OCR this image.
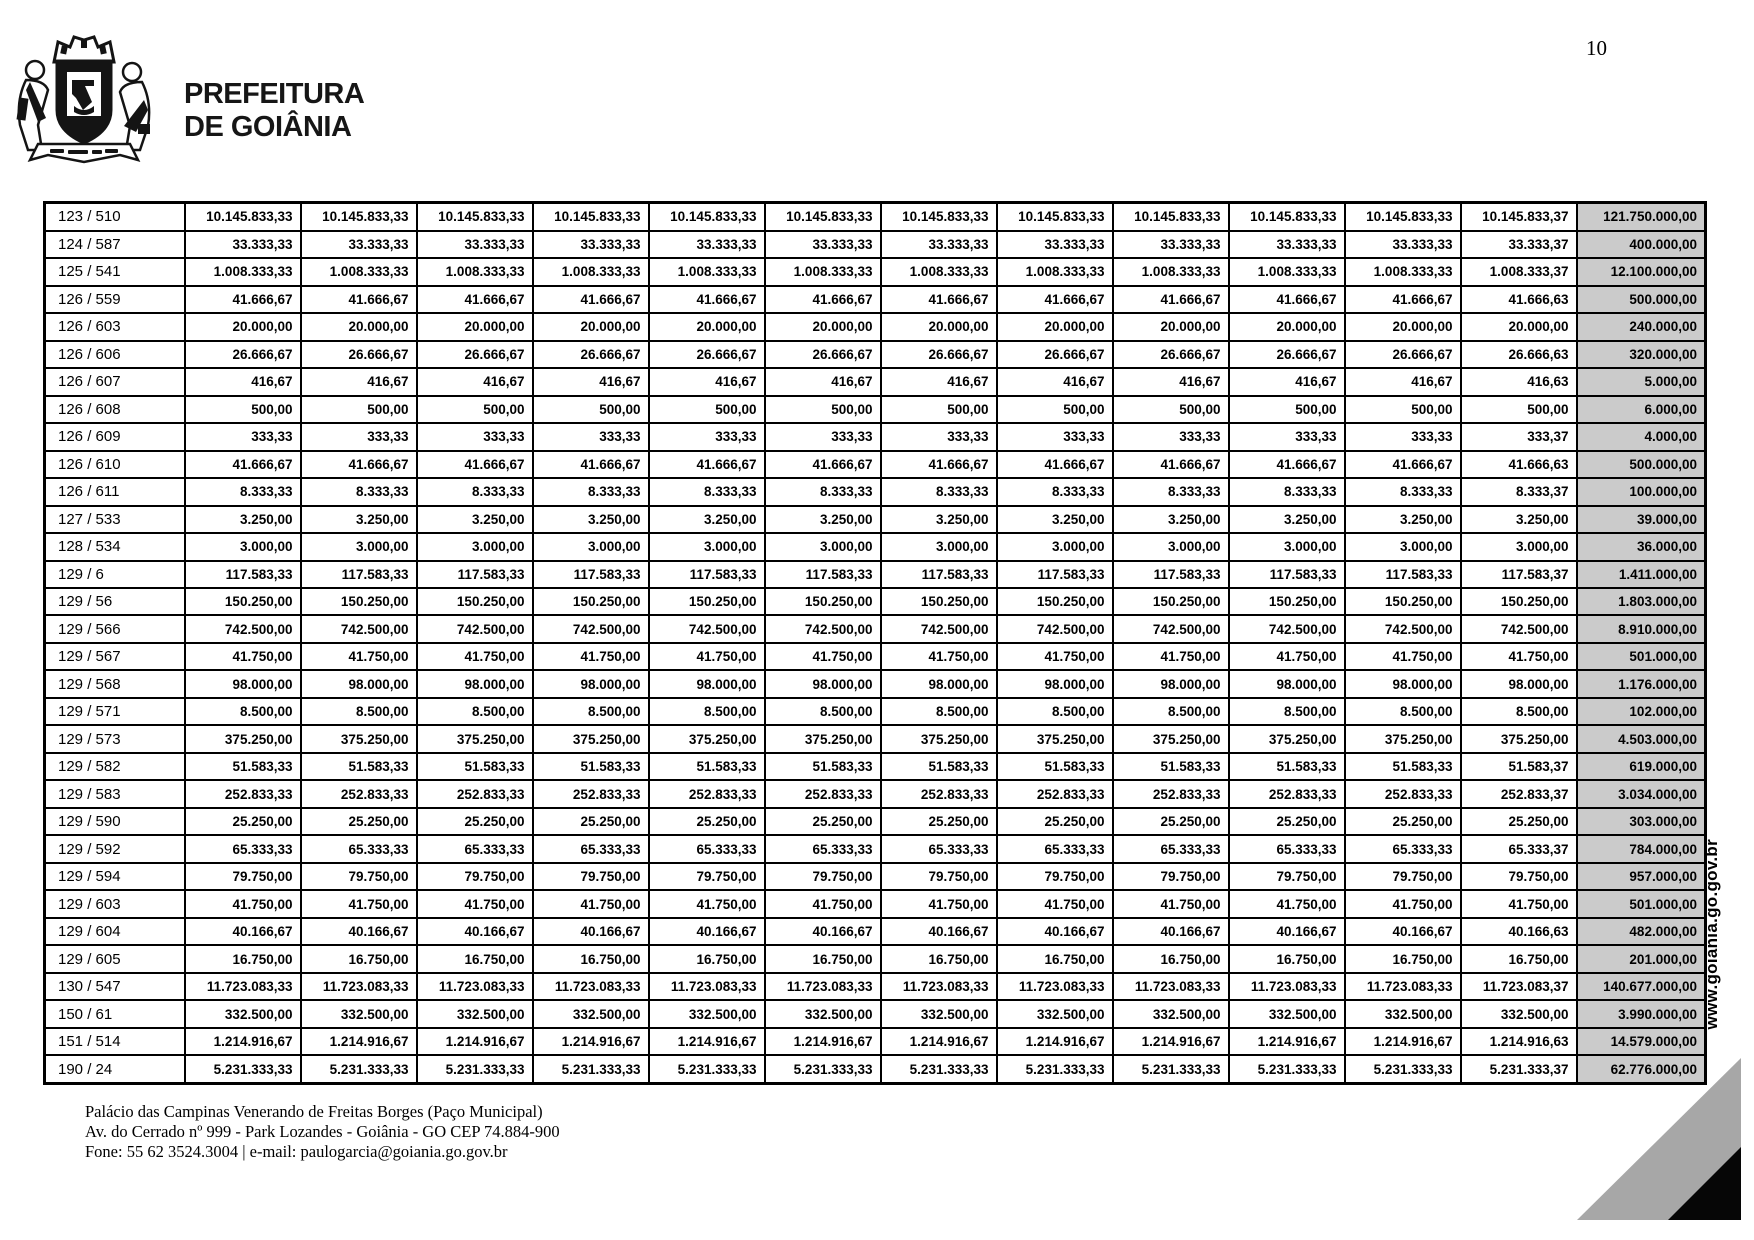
PREFEITURA
DE GOIÂNIA
10
123 / 510	10.145.833,33	10.145.833,33	10.145.833,33	10.145.833,33	10.145.833,33	10.145.833,33	10.145.833,33	10.145.833,33	10.145.833,33	10.145.833,33	10.145.833,33	10.145.833,37	121.750.000,00
124 / 587	33.333,33	33.333,33	33.333,33	33.333,33	33.333,33	33.333,33	33.333,33	33.333,33	33.333,33	33.333,33	33.333,33	33.333,37	400.000,00
125 / 541	1.008.333,33	1.008.333,33	1.008.333,33	1.008.333,33	1.008.333,33	1.008.333,33	1.008.333,33	1.008.333,33	1.008.333,33	1.008.333,33	1.008.333,33	1.008.333,37	12.100.000,00
126 / 559	41.666,67	41.666,67	41.666,67	41.666,67	41.666,67	41.666,67	41.666,67	41.666,67	41.666,67	41.666,67	41.666,67	41.666,63	500.000,00
126 / 603	20.000,00	20.000,00	20.000,00	20.000,00	20.000,00	20.000,00	20.000,00	20.000,00	20.000,00	20.000,00	20.000,00	20.000,00	240.000,00
126 / 606	26.666,67	26.666,67	26.666,67	26.666,67	26.666,67	26.666,67	26.666,67	26.666,67	26.666,67	26.666,67	26.666,67	26.666,63	320.000,00
126 / 607	416,67	416,67	416,67	416,67	416,67	416,67	416,67	416,67	416,67	416,67	416,67	416,63	5.000,00
126 / 608	500,00	500,00	500,00	500,00	500,00	500,00	500,00	500,00	500,00	500,00	500,00	500,00	6.000,00
126 / 609	333,33	333,33	333,33	333,33	333,33	333,33	333,33	333,33	333,33	333,33	333,33	333,37	4.000,00
126 / 610	41.666,67	41.666,67	41.666,67	41.666,67	41.666,67	41.666,67	41.666,67	41.666,67	41.666,67	41.666,67	41.666,67	41.666,63	500.000,00
126 / 611	8.333,33	8.333,33	8.333,33	8.333,33	8.333,33	8.333,33	8.333,33	8.333,33	8.333,33	8.333,33	8.333,33	8.333,37	100.000,00
127 / 533	3.250,00	3.250,00	3.250,00	3.250,00	3.250,00	3.250,00	3.250,00	3.250,00	3.250,00	3.250,00	3.250,00	3.250,00	39.000,00
128 / 534	3.000,00	3.000,00	3.000,00	3.000,00	3.000,00	3.000,00	3.000,00	3.000,00	3.000,00	3.000,00	3.000,00	3.000,00	36.000,00
129 / 6	117.583,33	117.583,33	117.583,33	117.583,33	117.583,33	117.583,33	117.583,33	117.583,33	117.583,33	117.583,33	117.583,33	117.583,37	1.411.000,00
129 / 56	150.250,00	150.250,00	150.250,00	150.250,00	150.250,00	150.250,00	150.250,00	150.250,00	150.250,00	150.250,00	150.250,00	150.250,00	1.803.000,00
129 / 566	742.500,00	742.500,00	742.500,00	742.500,00	742.500,00	742.500,00	742.500,00	742.500,00	742.500,00	742.500,00	742.500,00	742.500,00	8.910.000,00
129 / 567	41.750,00	41.750,00	41.750,00	41.750,00	41.750,00	41.750,00	41.750,00	41.750,00	41.750,00	41.750,00	41.750,00	41.750,00	501.000,00
129 / 568	98.000,00	98.000,00	98.000,00	98.000,00	98.000,00	98.000,00	98.000,00	98.000,00	98.000,00	98.000,00	98.000,00	98.000,00	1.176.000,00
129 / 571	8.500,00	8.500,00	8.500,00	8.500,00	8.500,00	8.500,00	8.500,00	8.500,00	8.500,00	8.500,00	8.500,00	8.500,00	102.000,00
129 / 573	375.250,00	375.250,00	375.250,00	375.250,00	375.250,00	375.250,00	375.250,00	375.250,00	375.250,00	375.250,00	375.250,00	375.250,00	4.503.000,00
129 / 582	51.583,33	51.583,33	51.583,33	51.583,33	51.583,33	51.583,33	51.583,33	51.583,33	51.583,33	51.583,33	51.583,33	51.583,37	619.000,00
129 / 583	252.833,33	252.833,33	252.833,33	252.833,33	252.833,33	252.833,33	252.833,33	252.833,33	252.833,33	252.833,33	252.833,33	252.833,37	3.034.000,00
129 / 590	25.250,00	25.250,00	25.250,00	25.250,00	25.250,00	25.250,00	25.250,00	25.250,00	25.250,00	25.250,00	25.250,00	25.250,00	303.000,00
129 / 592	65.333,33	65.333,33	65.333,33	65.333,33	65.333,33	65.333,33	65.333,33	65.333,33	65.333,33	65.333,33	65.333,33	65.333,37	784.000,00
129 / 594	79.750,00	79.750,00	79.750,00	79.750,00	79.750,00	79.750,00	79.750,00	79.750,00	79.750,00	79.750,00	79.750,00	79.750,00	957.000,00
129 / 603	41.750,00	41.750,00	41.750,00	41.750,00	41.750,00	41.750,00	41.750,00	41.750,00	41.750,00	41.750,00	41.750,00	41.750,00	501.000,00
129 / 604	40.166,67	40.166,67	40.166,67	40.166,67	40.166,67	40.166,67	40.166,67	40.166,67	40.166,67	40.166,67	40.166,67	40.166,63	482.000,00
129 / 605	16.750,00	16.750,00	16.750,00	16.750,00	16.750,00	16.750,00	16.750,00	16.750,00	16.750,00	16.750,00	16.750,00	16.750,00	201.000,00
130 / 547	11.723.083,33	11.723.083,33	11.723.083,33	11.723.083,33	11.723.083,33	11.723.083,33	11.723.083,33	11.723.083,33	11.723.083,33	11.723.083,33	11.723.083,33	11.723.083,37	140.677.000,00
150 / 61	332.500,00	332.500,00	332.500,00	332.500,00	332.500,00	332.500,00	332.500,00	332.500,00	332.500,00	332.500,00	332.500,00	332.500,00	3.990.000,00
151 / 514	1.214.916,67	1.214.916,67	1.214.916,67	1.214.916,67	1.214.916,67	1.214.916,67	1.214.916,67	1.214.916,67	1.214.916,67	1.214.916,67	1.214.916,67	1.214.916,63	14.579.000,00
190 / 24	5.231.333,33	5.231.333,33	5.231.333,33	5.231.333,33	5.231.333,33	5.231.333,33	5.231.333,33	5.231.333,33	5.231.333,33	5.231.333,33	5.231.333,33	5.231.333,37	62.776.000,00
www.goiania.go.gov.br
Palácio das Campinas Venerando de Freitas Borges (Paço Municipal)
Av. do Cerrado nº 999 - Park Lozandes - Goiânia - GO CEP 74.884-900
Fone: 55 62 3524.3004 | e-mail: paulogarcia@goiania.go.gov.br
